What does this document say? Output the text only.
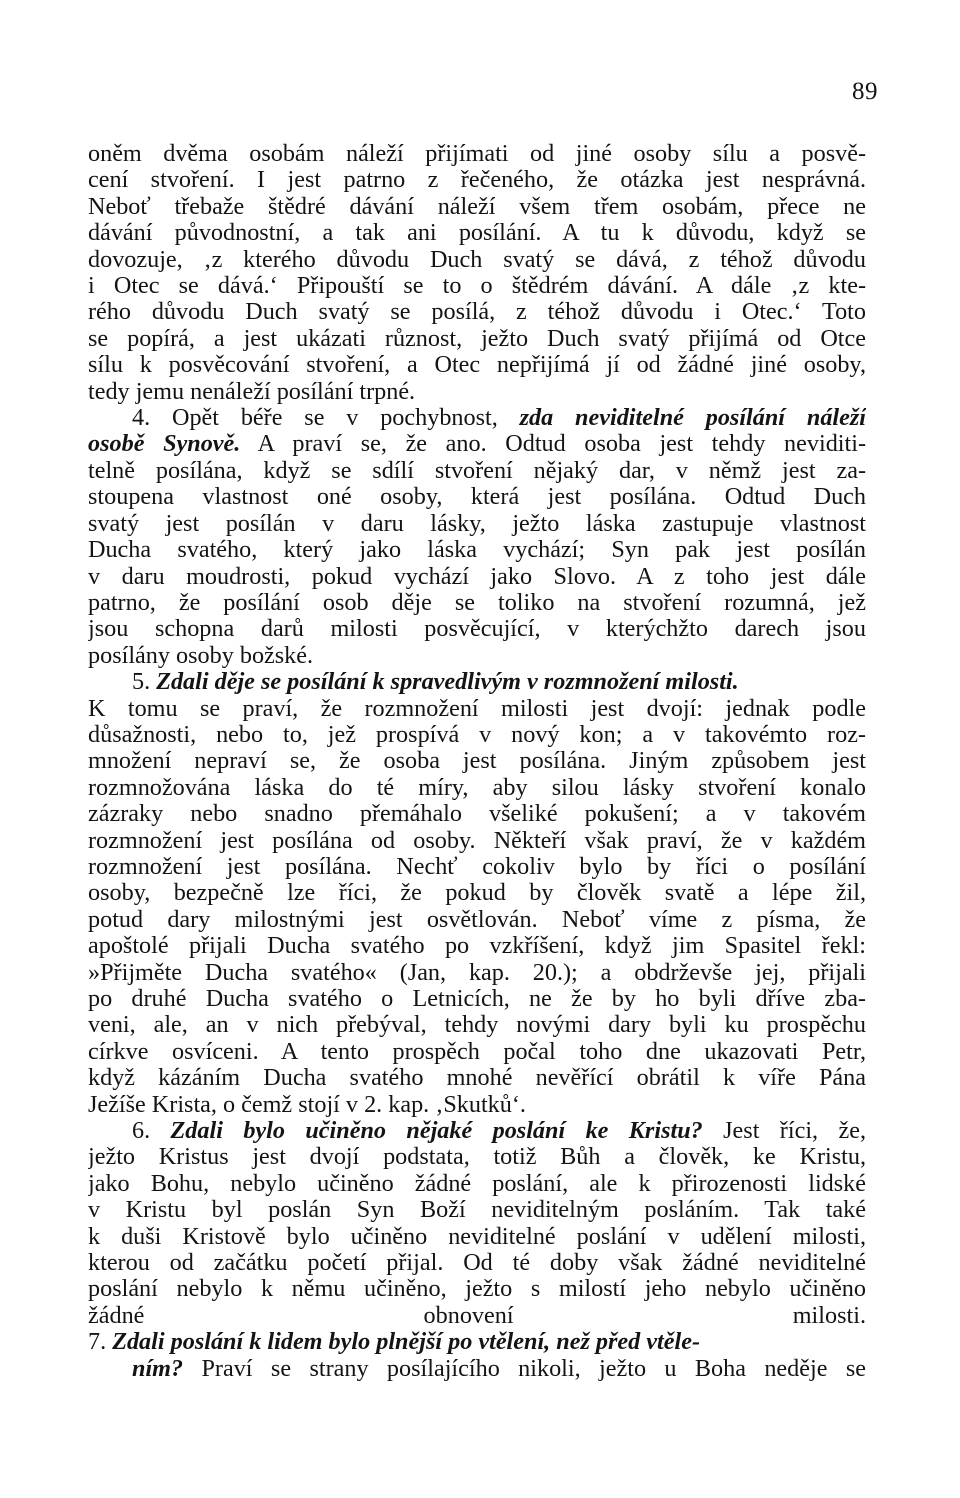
89
oněm dvěma osobám náleží přijímati od jiné osoby sílu a posvě-
cení stvoření. I jest patrno z řečeného, že otázka jest nesprávná.
Neboť třebaže štědré dávání náleží všem třem osobám, přece ne
dávání původnostní, a tak ani posílání. A tu k důvodu, když se
dovozuje, ‚z kterého důvodu Duch svatý se dává, z téhož důvodu
i Otec se dává.‘ Připouští se to o štědrém dávání. A dále ‚z kte-
rého důvodu Duch svatý se posílá, z téhož důvodu i Otec.‘ Toto
se popírá, a jest ukázati různost, ježto Duch svatý přijímá od Otce
sílu k posvěcování stvoření, a Otec nepřijímá jí od žádné jiné osoby,
tedy jemu nenáleží posílání trpné.
4. Opět béře se v pochybnost, zda neviditelné posílání náleží
osobě Synově. A praví se, že ano. Odtud osoba jest tehdy neviditi-
telně posílána, když se sdílí stvoření nějaký dar, v němž jest za-
stoupena vlastnost oné osoby, která jest posílána. Odtud Duch
svatý jest posílán v daru lásky, ježto láska zastupuje vlastnost
Ducha svatého, který jako láska vychází; Syn pak jest posílán
v daru moudrosti, pokud vychází jako Slovo. A z toho jest dále
patrno, že posílání osob děje se toliko na stvoření rozumná, jež
jsou schopna darů milosti posvěcující, v kterýchžto darech jsou
posílány osoby božské.
5. Zdali děje se posílání k spravedlivým v rozmnožení milosti.
K tomu se praví, že rozmnožení milosti jest dvojí: jednak podle
důsažnosti, nebo to, jež prospívá v nový kon; a v takovémto roz-
množení nepraví se, že osoba jest posílána. Jiným způsobem jest
rozmnožována láska do té míry, aby silou lásky stvoření konalo
zázraky nebo snadno přemáhalo všeliké pokušení; a v takovém
rozmnožení jest posílána od osoby. Někteří však praví, že v každém
rozmnožení jest posílána. Nechť cokoliv bylo by říci o posílání
osoby, bezpečně lze říci, že pokud by člověk svatě a lépe žil,
potud dary milostnými jest osvětlován. Neboť víme z písma, že
apoštolé přijali Ducha svatého po vzkříšení, když jim Spasitel řekl:
»Přijměte Ducha svatého« (Jan, kap. 20.); a obdrževše jej, přijali
po druhé Ducha svatého o Letnicích, ne že by ho byli dříve zba-
veni, ale, an v nich přebýval, tehdy novými dary byli ku prospěchu
církve osvíceni. A tento prospěch počal toho dne ukazovati Petr,
když kázáním Ducha svatého mnohé nevěřící obrátil k víře Pána
Ježíše Krista, o čemž stojí v 2. kap. ‚Skutků‘.
6. Zdali bylo učiněno nějaké poslání ke Kristu? Jest říci, že,
ježto Kristus jest dvojí podstata, totiž Bůh a člověk, ke Kristu,
jako Bohu, nebylo učiněno žádné poslání, ale k přirozenosti lidské
v Kristu byl poslán Syn Boží neviditelným posláním. Tak také
k duši Kristově bylo učiněno neviditelné poslání v udělení milosti,
kterou od začátku početí přijal. Od té doby však žádné neviditelné
poslání nebylo k němu učiněno, ježto s milostí jeho nebylo učiněno
žádné obnovení milosti.
7. Zdali poslání k lidem bylo plnější po vtělení, než před vtěle-
ním? Praví se strany posílajícího nikoli, ježto u Boha neděje se
